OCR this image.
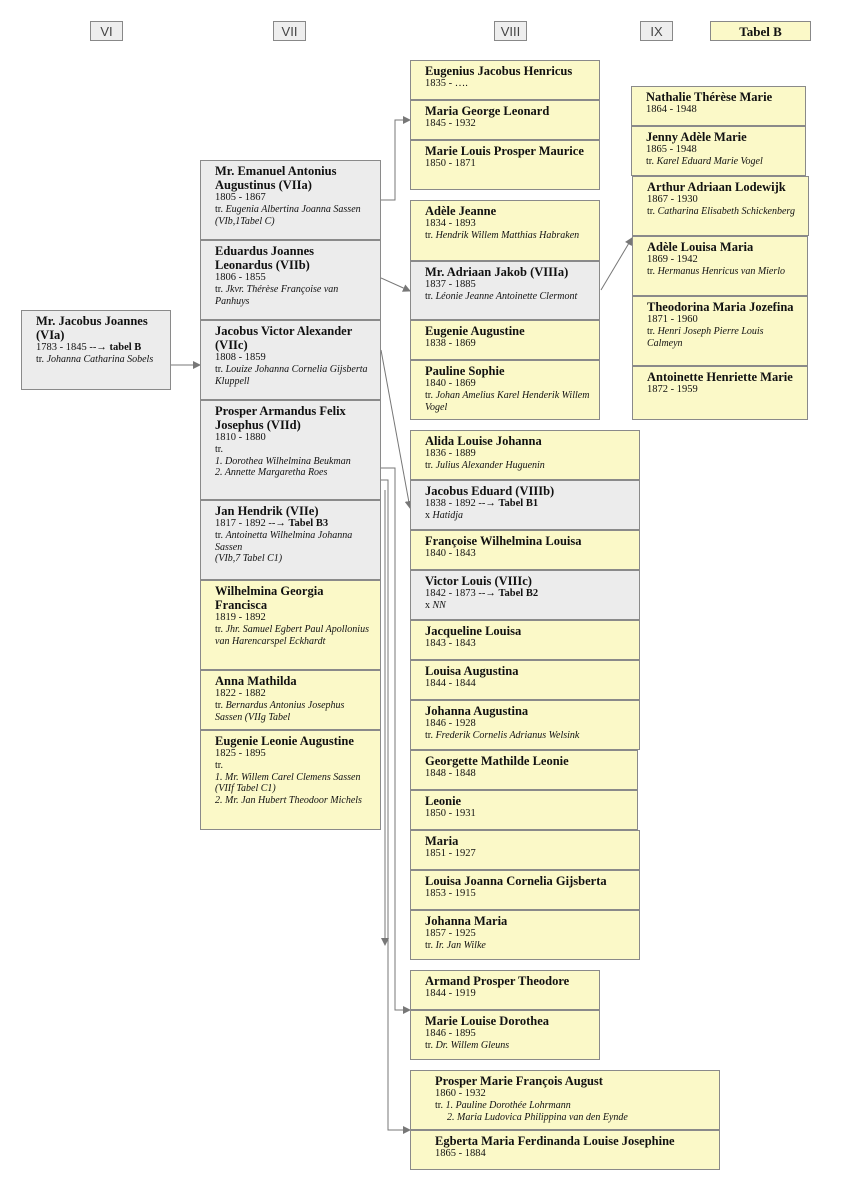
VI	VII	VIII	IX	Tabel B
Mr. Jacobus Joannes (VIa)
1783 - 1845 --→ tabel B
tr. Johanna Catharina Sobels
Mr. Emanuel Antonius Augustinus (VIIa)
1805 - 1867
tr. Eugenia Albertina Joanna Sassen (VIb,1Tabel C)
Eduardus Joannes Leonardus (VIIb)
1806 - 1855
tr. Jkvr. Thérèse Françoise van Panhuys
Jacobus Victor Alexander (VIIc)
1808 - 1859
tr. Louize Johanna Cornelia Gijsberta Kluppell
Prosper Armandus Felix Josephus (VIId)
1810 - 1880
tr.
1. Dorothea Wilhelmina Beukman
2. Annette Margaretha Roes
Jan Hendrik (VIIe)
1817 - 1892 --→ Tabel B3
tr. Antoinetta Wilhelmina Johanna Sassen
(VIb,7 Tabel C1)
Wilhelmina Georgia Francisca
1819 - 1892
tr. Jhr. Samuel Egbert Paul Apollonius van Harencarspel Eckhardt
Anna Mathilda
1822 - 1882
tr. Bernardus Antonius Josephus Sassen (VIIg Tabel
Eugenie Leonie Augustine
1825 - 1895
tr.
1. Mr. Willem Carel Clemens Sassen (VIIf Tabel C1)
2. Mr. Jan Hubert Theodoor Michels
Eugenius Jacobus Henricus
1835 - ….
Maria George Leonard
1845 - 1932
Marie Louis Prosper Maurice
1850 - 1871
Adèle Jeanne
1834 - 1893
tr. Hendrik Willem Matthias Habraken
Mr. Adriaan Jakob (VIIIa)
1837 - 1885
tr. Léonie Jeanne Antoinette Clermont
Eugenie Augustine
1838 - 1869
Pauline Sophie
1840 - 1869
tr. Johan Amelius Karel Henderik Willem Vogel
Nathalie Thérèse Marie
1864 - 1948
Jenny Adèle Marie
1865 - 1948
tr. Karel Eduard Marie Vogel
Arthur Adriaan Lodewijk
1867 - 1930
tr. Catharina Elisabeth Schickenberg
Adèle Louisa Maria
1869 - 1942
tr. Hermanus Henricus van Mierlo
Theodorina Maria Jozefina
1871 - 1960
tr. Henri Joseph Pierre Louis Calmeyn
Antoinette Henriette Marie
1872 - 1959
Alida Louise Johanna
1836 - 1889
tr. Julius Alexander Huguenin
Jacobus Eduard (VIIIb)
1838 - 1892 --→ Tabel B1
x Hatidja
Françoise Wilhelmina Louisa
1840 - 1843
Victor Louis (VIIIc)
1842 - 1873 --→ Tabel B2
x NN
Jacqueline Louisa
1843 - 1843
Louisa Augustina
1844 - 1844
Johanna Augustina
1846 - 1928
tr. Frederik Cornelis Adrianus Welsink
Georgette Mathilde Leonie
1848 - 1848
Leonie
1850 - 1931
Maria
1851 - 1927
Louisa Joanna Cornelia Gijsberta
1853 - 1915
Johanna Maria
1857 - 1925
tr. Ir. Jan Wilke
Armand Prosper Theodore
1844 - 1919
Marie Louise Dorothea
1846 - 1895
tr. Dr. Willem Gleuns
Prosper Marie François August
1860 - 1932
tr. 1. Pauline Dorothée Lohrmann
2. Maria Ludovica Philippina van den Eynde
Egberta Maria Ferdinanda Louise Josephine
1865 - 1884
